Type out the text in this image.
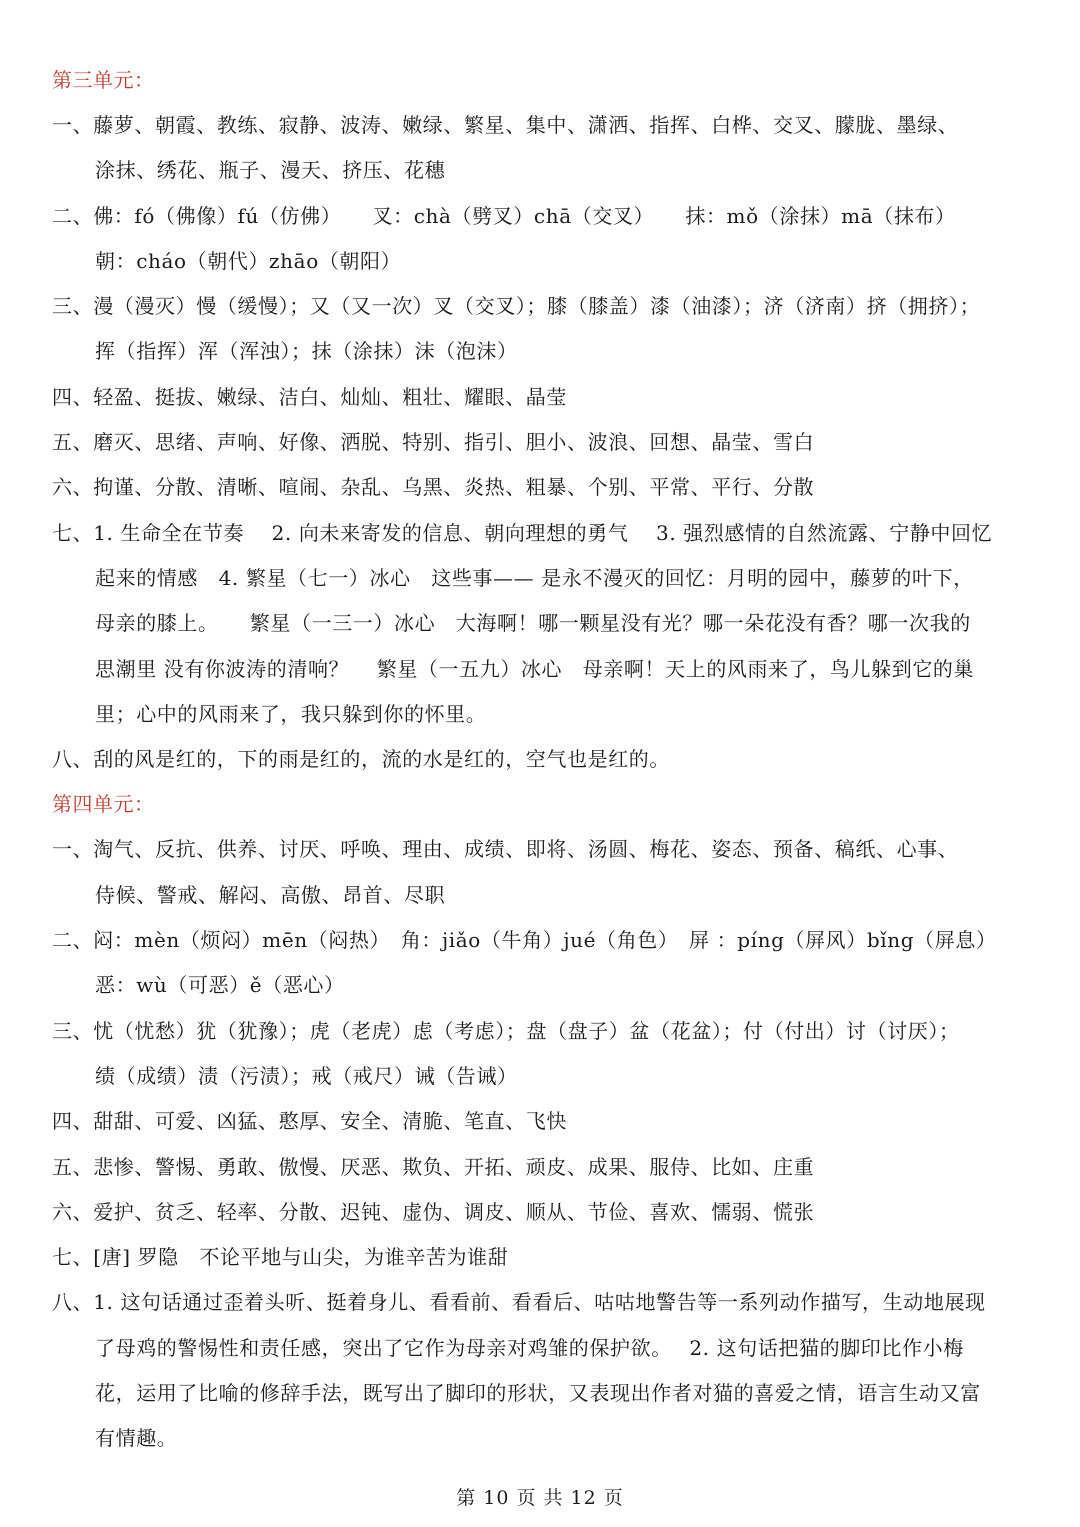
第三单元：
一、藤萝、朝霞、教练、寂静、波涛、嫩绿、繁星、集中、潇洒、指挥、白桦、交叉、朦胧、墨绿、
涂抹、绣花、瓶子、漫天、挤压、花穗
二、佛：fó（佛像）fú（仿佛）　　叉：chà（劈叉）chā（交叉）　　抹：mǒ（涂抹）mā（抹布）
朝：cháo（朝代）zhāo（朝阳）
三、漫（漫灭）慢（缓慢）；又（又一次）叉（交叉）；膝（膝盖）漆（油漆）；济（济南）挤（拥挤）；
挥（指挥）浑（浑浊）；抹（涂抹）沫（泡沫）
四、轻盈、挺拔、嫩绿、洁白、灿灿、粗壮、耀眼、晶莹
五、磨灭、思绪、声响、好像、洒脱、特别、指引、胆小、波浪、回想、晶莹、雪白
六、拘谨、分散、清晰、喧闹、杂乱、乌黑、炎热、粗暴、个别、平常、平行、分散
七、1. 生命全在节奏　 2. 向未来寄发的信息、朝向理想的勇气　 3. 强烈感情的自然流露、宁静中回忆
起来的情感　4. 繁星（七一）冰心　这些事—— 是永不漫灭的回忆：月明的园中，藤萝的叶下，
母亲的膝上。　　繁星（一三一）冰心　大海啊！哪一颗星没有光？哪一朵花没有香？哪一次我的
思潮里 没有你波涛的清响？　 繁星（一五九）冰心　母亲啊！天上的风雨来了，鸟儿躲到它的巢
里；心中的风雨来了，我只躲到你的怀里。
八、刮的风是红的，下的雨是红的，流的水是红的，空气也是红的。
第四单元：
一、淘气、反抗、供养、讨厌、呼唤、理由、成绩、即将、汤圆、梅花、姿态、预备、稿纸、心事、
侍候、警戒、解闷、高傲、昂首、尽职
二、闷：mèn（烦闷）mēn（闷热）　角：jiǎo（牛角）jué（角色）　屏 ：píng（屏风）bǐng（屏息）
恶：wù（可恶）ě（恶心）
三、忧（忧愁）犹（犹豫）；虎（老虎）虑（考虑）；盘（盘子）盆（花盆）；付（付出）讨（讨厌）；
绩（成绩）渍（污渍）；戒（戒尺）诫（告诫）
四、甜甜、可爱、凶猛、憨厚、安全、清脆、笔直、飞快
五、悲惨、警惕、勇敢、傲慢、厌恶、欺负、开拓、顽皮、成果、服侍、比如、庄重
六、爱护、贫乏、轻率、分散、迟钝、虚伪、调皮、顺从、节俭、喜欢、懦弱、慌张
七、[唐] 罗隐　不论平地与山尖，为谁辛苦为谁甜
八、1. 这句话通过歪着头听、挺着身儿、看看前、看看后、咕咕地警告等一系列动作描写，生动地展现
了母鸡的警惕性和责任感，突出了它作为母亲对鸡雏的保护欲。　 2. 这句话把猫的脚印比作小梅
花，运用了比喻的修辞手法，既写出了脚印的形状，又表现出作者对猫的喜爱之情，语言生动又富
有情趣。
第 10 页 共 12 页
